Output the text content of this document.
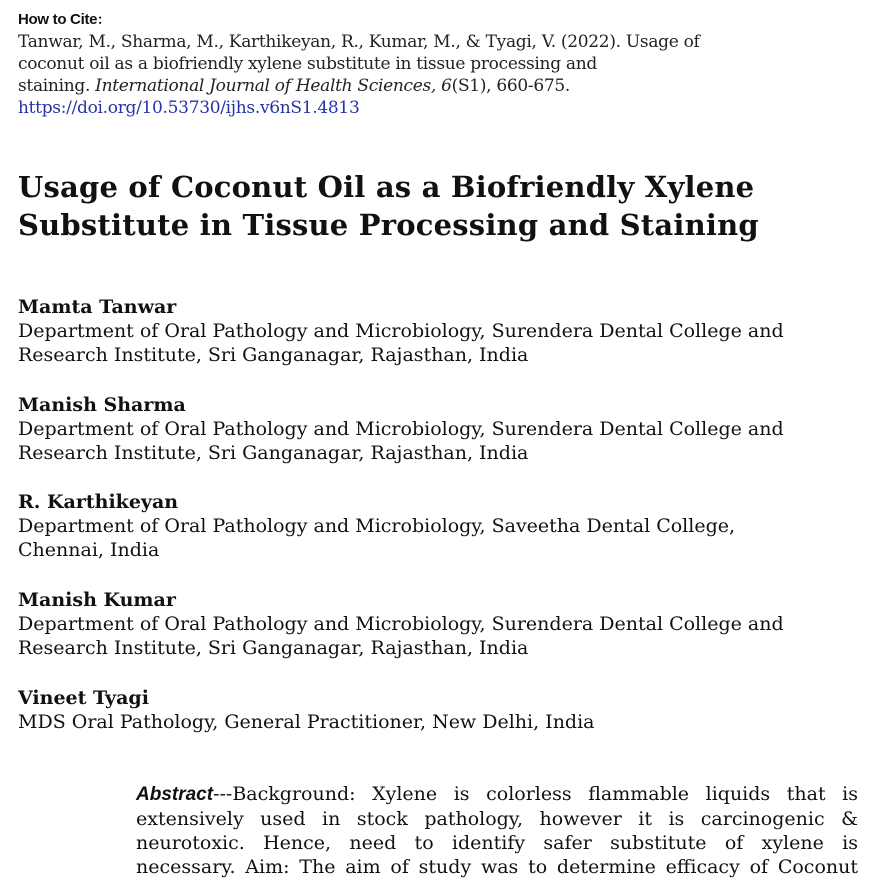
How to Cite:
Tanwar, M., Sharma, M., Karthikeyan, R., Kumar, M., & Tyagi, V. (2022). Usage of
coconut oil as a biofriendly xylene substitute in tissue processing and
staining. International Journal of Health Sciences, 6(S1), 660-675.
https://doi.org/10.53730/ijhs.v6nS1.4813
Usage of Coconut Oil as a Biofriendly Xylene
Substitute in Tissue Processing and Staining
Mamta Tanwar
Department of Oral Pathology and Microbiology, Surendera Dental College and
Research Institute, Sri Ganganagar, Rajasthan, India
Manish Sharma
Department of Oral Pathology and Microbiology, Surendera Dental College and
Research Institute, Sri Ganganagar, Rajasthan, India
R. Karthikeyan
Department of Oral Pathology and Microbiology, Saveetha Dental College,
Chennai, India
Manish Kumar
Department of Oral Pathology and Microbiology, Surendera Dental College and
Research Institute, Sri Ganganagar, Rajasthan, India
Vineet Tyagi
MDS Oral Pathology, General Practitioner, New Delhi, India
Abstract---Background: Xylene is colorless flammable liquids that is
extensively used in stock pathology, however it is carcinogenic &
neurotoxic. Hence, need to identify safer substitute of xylene is
necessary. Aim: The aim of study was to determine efficacy of Coconut
